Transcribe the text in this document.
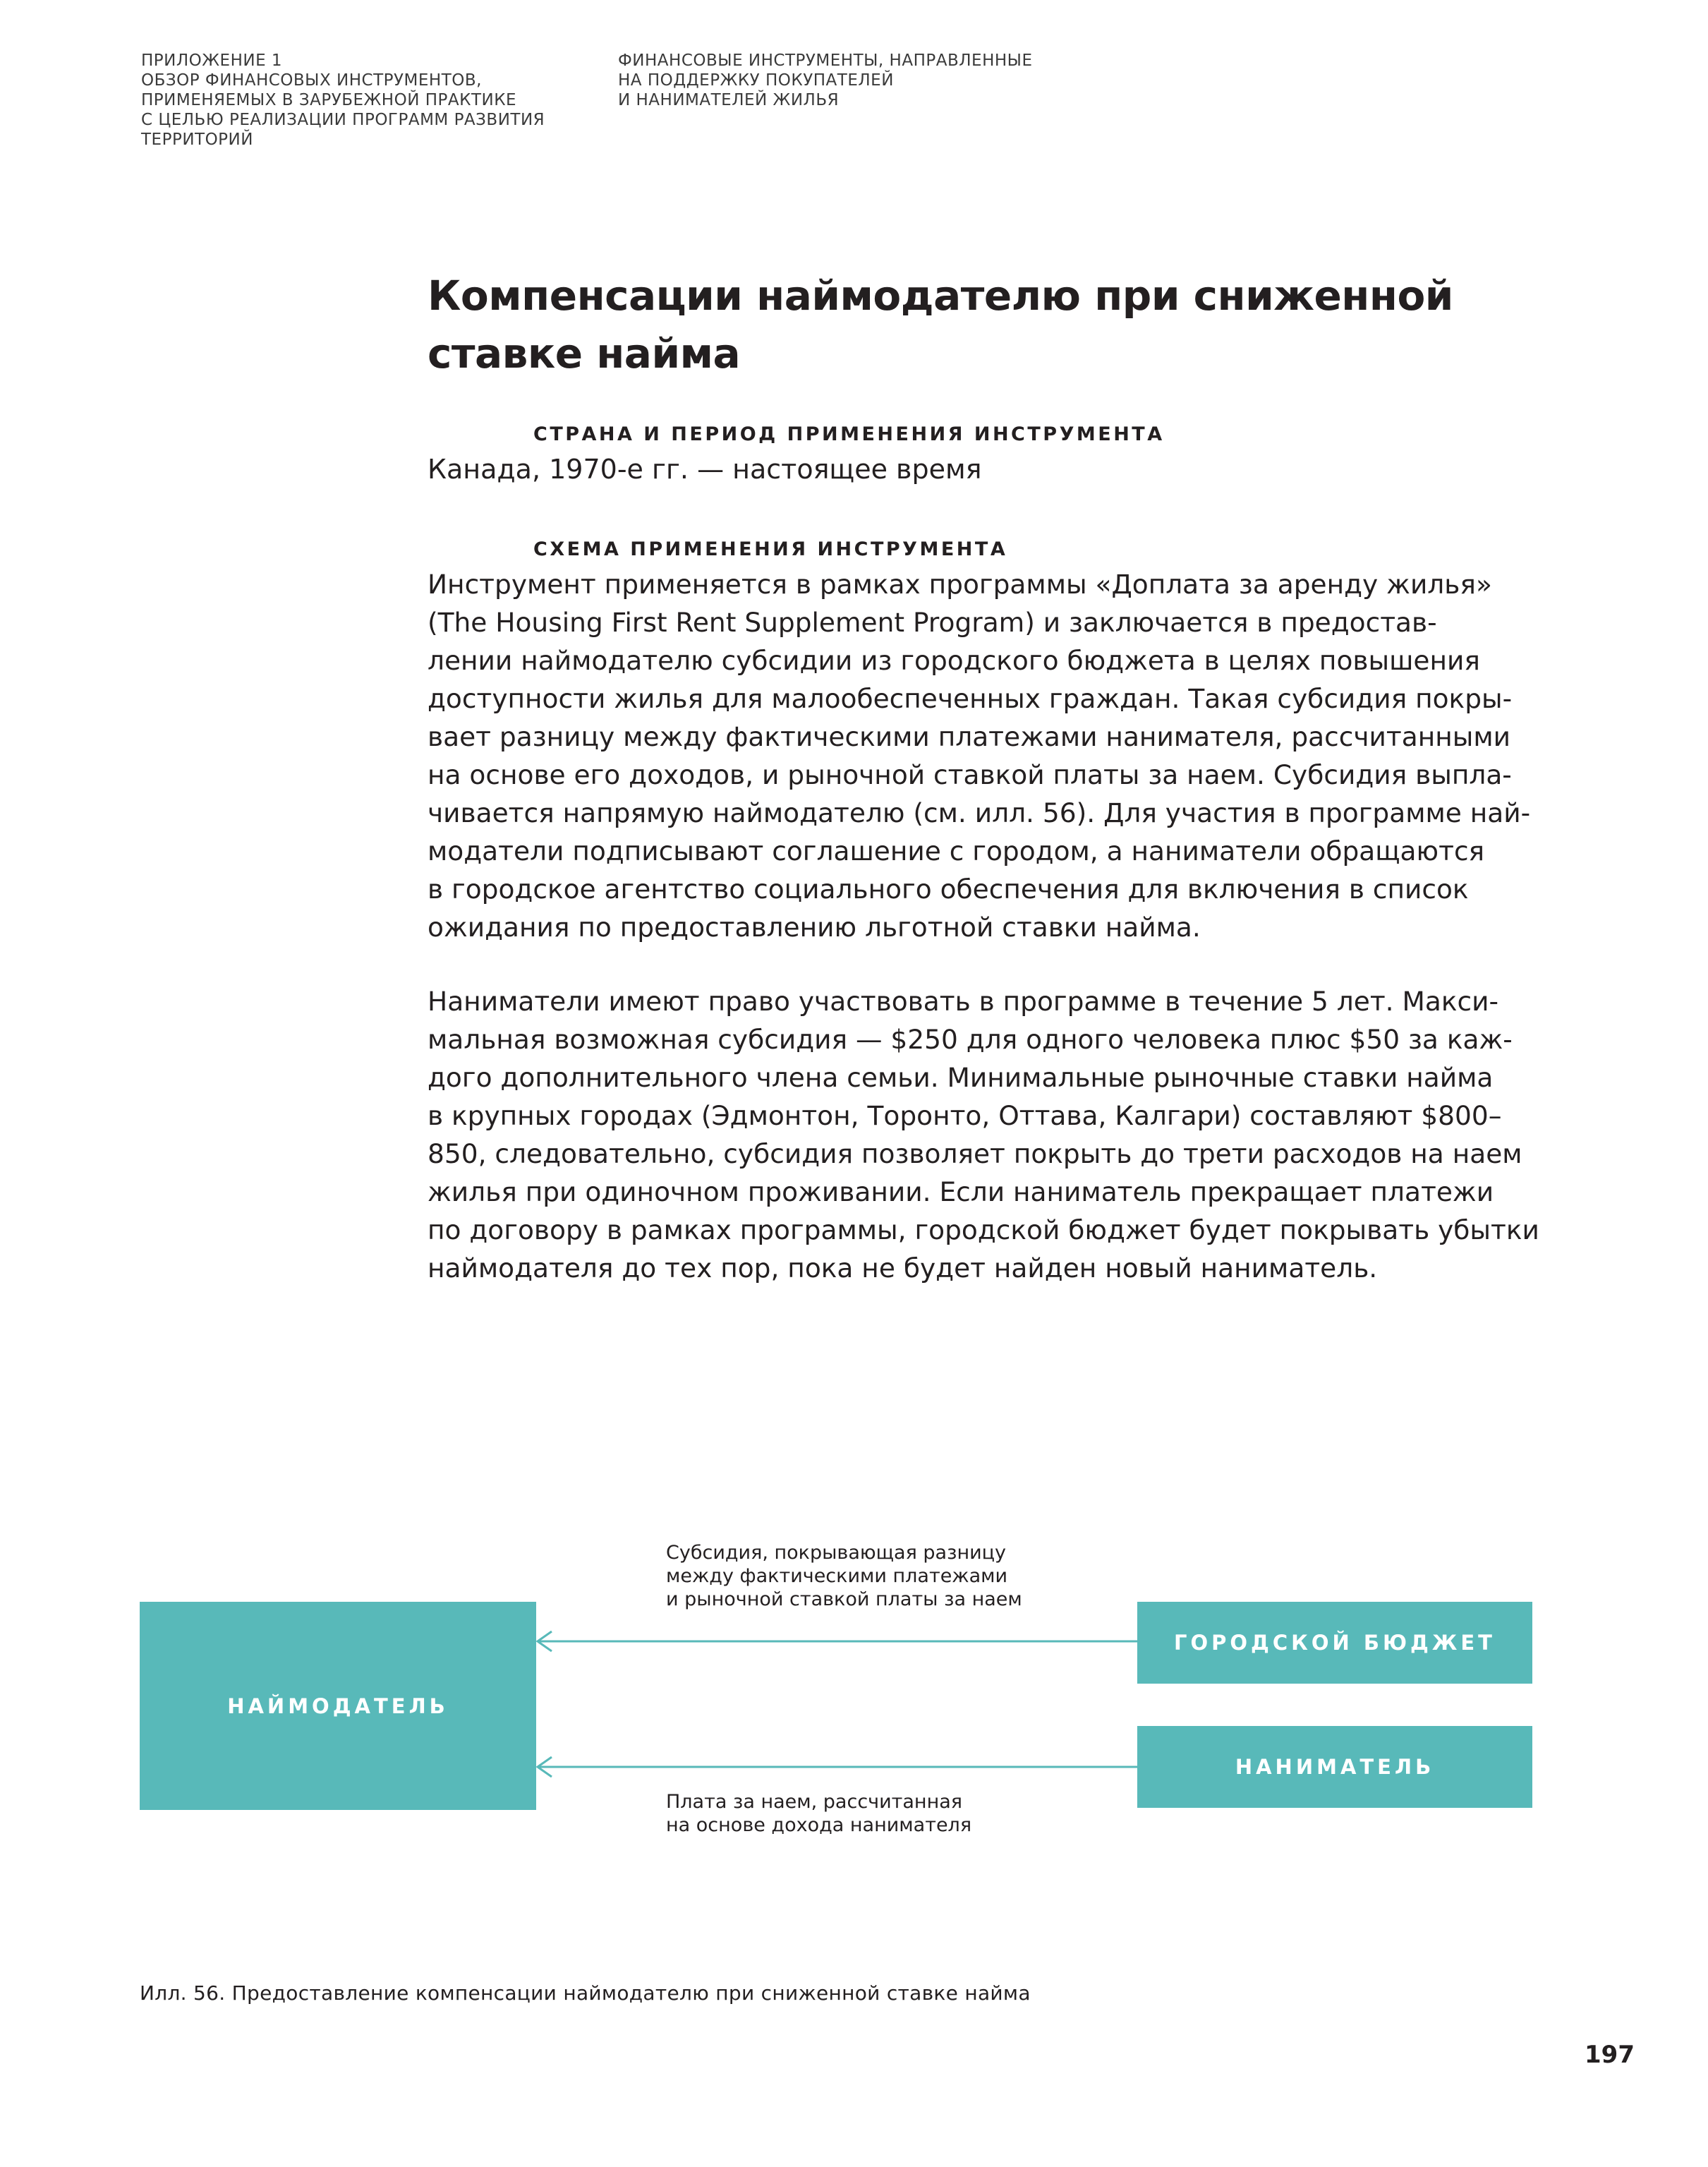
ПРИЛОЖЕНИЕ 1
ОБЗОР ФИНАНСОВЫХ ИНСТРУМЕНТОВ,
ПРИМЕНЯЕМЫХ В ЗАРУБЕЖНОЙ ПРАКТИКЕ
С ЦЕЛЬЮ РЕАЛИЗАЦИИ ПРОГРАММ РАЗВИТИЯ
ТЕРРИТОРИЙ
ФИНАНСОВЫЕ ИНСТРУМЕНТЫ, НАПРАВЛЕННЫЕ
НА ПОДДЕРЖКУ ПОКУПАТЕЛЕЙ
И НАНИМАТЕЛЕЙ ЖИЛЬЯ
Компенсации наймодателю при сниженной
ставке найма

СТРАНА И ПЕРИОД ПРИМЕНЕНИЯ ИНСТРУМЕНТА

Канада, 1970-е гг. — настоящее время

СХЕМА ПРИМЕНЕНИЯ ИНСТРУМЕНТА

Инструмент применяется в рамках программы «Доплата за аренду жилья»
(The Housing First Rent Supplement Program) и заключается в предостав-
лении наймодателю субсидии из городского бюджета в целях повышения
доступности жилья для малообеспеченных граждан. Такая субсидия покры-
вает разницу между фактическими платежами нанимателя, рассчитанными
на основе его доходов, и рыночной ставкой платы за наем. Субсидия выпла-
чивается напрямую наймодателю (см. илл. 56). Для участия в программе най-
модатели подписывают соглашение с городом, а наниматели обращаются
в городское агентство социального обеспечения для включения в список
ожидания по предоставлению льготной ставки найма.
Наниматели имеют право участвовать в программе в течение 5 лет. Макси-
мальная возможная субсидия — $250 для одного человека плюс $50 за каж-
дого дополнительного члена семьи. Минимальные рыночные ставки найма
в крупных городах (Эдмонтон, Торонто, Оттава, Калгари) составляют $800–
850, следовательно, субсидия позволяет покрыть до трети расходов на наем
жилья при одиночном проживании. Если наниматель прекращает платежи
по договору в рамках программы, городской бюджет будет покрывать убытки
наймодателя до тех пор, пока не будет найден новый наниматель.
НАЙМОДАТЕЛЬ
ГОРОДСКОЙ БЮДЖЕТ
НАНИМАТЕЛЬ
Субсидия, покрывающая разницу
между фактическими платежами
и рыночной ставкой платы за наем
Плата за наем, рассчитанная
на основе дохода нанимателя

Илл. 56. Предоставление компенсации наймодателю при сниженной ставке найма

197
